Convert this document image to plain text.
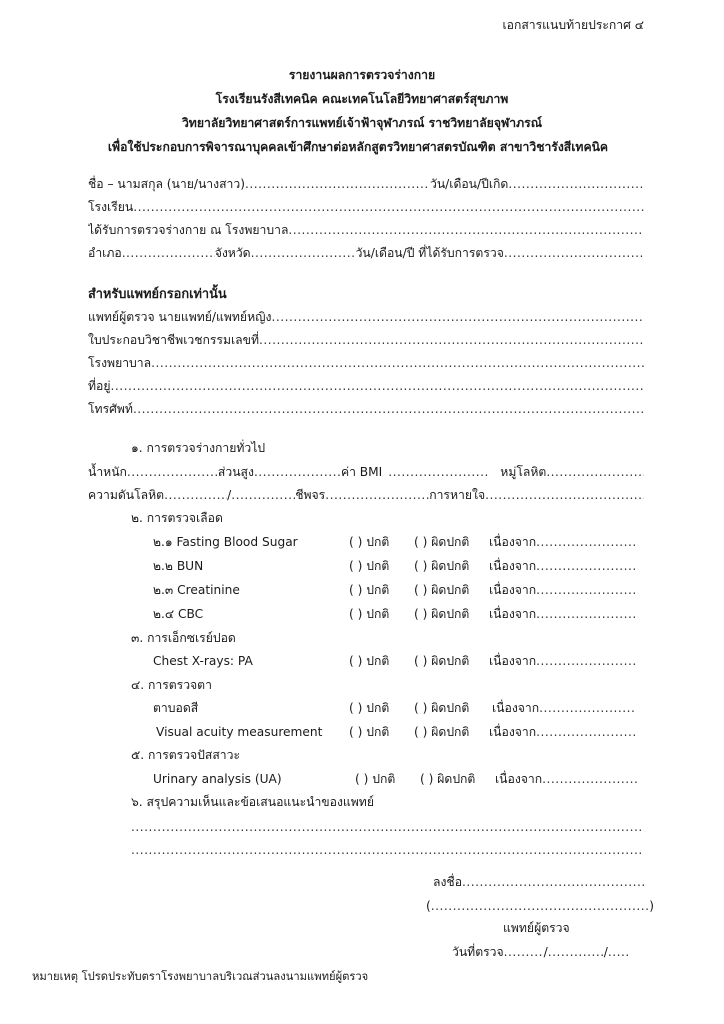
เอกสารแนบท้ายประกาศ ๔
รายงานผลการตรวจร่างกาย
โรงเรียนรังสีเทคนิค คณะเทคโนโลยีวิทยาศาสตร์สุขภาพ
วิทยาลัยวิทยาศาสตร์การแพทย์เจ้าฟ้าจุฬาภรณ์ ราชวิทยาลัยจุฬาภรณ์
เพื่อใช้ประกอบการพิจารณาบุคคลเข้าศึกษาต่อหลักสูตรวิทยาศาสตรบัณฑิต สาขาวิชารังสีเทคนิค
ชื่อ – นามสกุล (นาย/นางสาว) .....	วัน/เดือน/ปีเกิด
.....
โรงเรียน
.....
ได้รับการตรวจร่างกาย ณ โรงพยาบาล
.....
อำเภอ .....	จังหวัด .....	วัน/เดือน/ปี ที่ได้รับการตรวจ
.....
สำหรับแพทย์กรอกเท่านั้น
แพทย์ผู้ตรวจ นายแพทย์/แพทย์หญิง
.....
ใบประกอบวิชาชีพเวชกรรมเลขที่
.....
โรงพยาบาล
.....
ที่อยู่
.....
โทรศัพท์
.....
๑. การตรวจร่างกายทั่วไป
น้ำหนัก .....	ส่วนสูง .....	ค่า BMI .....	หมู่โลหิต
.....
ความดันโลหิต .....	/ .....	ชีพจร .....	การหายใจ
.....
๒. การตรวจเลือด
๒.๑ Fasting Blood Sugar	( ) ปกติ ( ) ผิดปกติ เนื่องจาก.....
๒.๒ BUN	( ) ปกติ ( ) ผิดปกติ เนื่องจาก.....
๒.๓ Creatinine	( ) ปกติ ( ) ผิดปกติ เนื่องจาก.....
๒.๔ CBC	( ) ปกติ ( ) ผิดปกติ เนื่องจาก.....
๓. การเอ็กซเรย์ปอด
Chest X-rays: PA	( ) ปกติ ( ) ผิดปกติ เนื่องจาก.....
๔. การตรวจตา
ตาบอดสี	( ) ปกติ ( ) ผิดปกติ เนื่องจาก.....
Visual acuity measurement ( ) ปกติ ( ) ผิดปกติ เนื่องจาก.....
๕. การตรวจปัสสาวะ
Urinary analysis (UA)	( ) ปกติ ( ) ผิดปกติ เนื่องจาก.....
๖. สรุปความเห็นและข้อเสนอแนะนำของแพทย์
.....
.....
ลงชื่อ
.....
( .....	)
แพทย์ผู้ตรวจ
วันที่ตรวจ .....	/ .....	/
.....
หมายเหตุ โปรดประทับตราโรงพยาบาลบริเวณส่วนลงนามแพทย์ผู้ตรวจ
